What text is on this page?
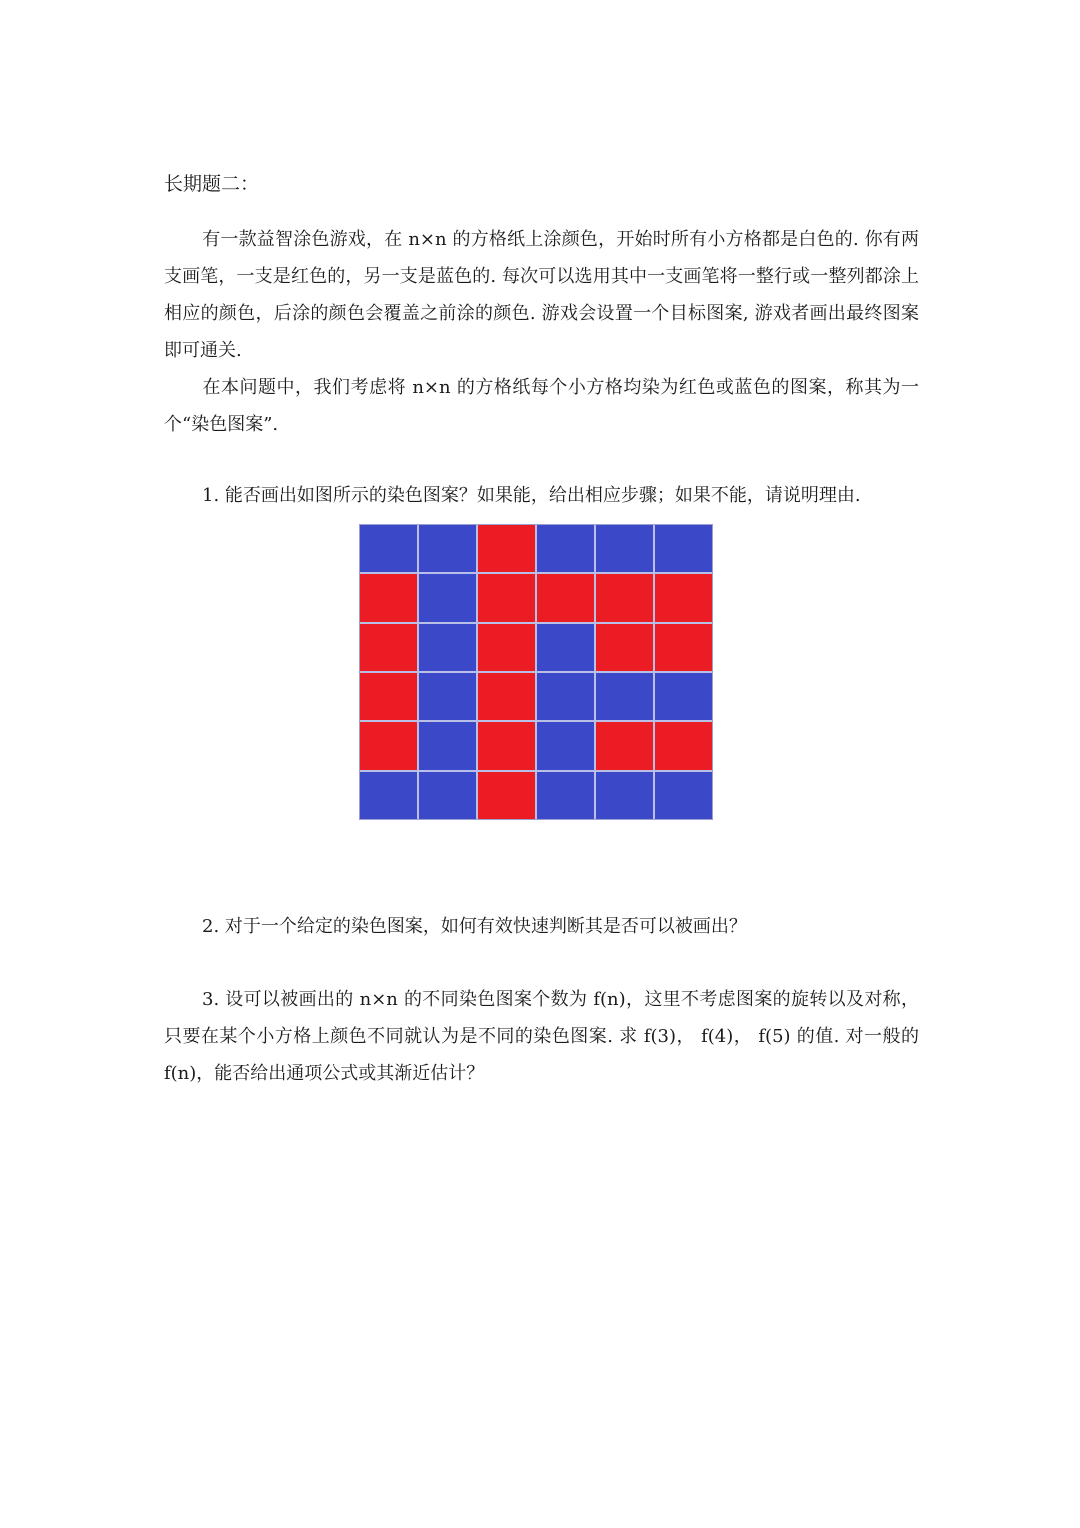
长期题二：
有一款益智涂色游戏，在 n×n 的方格纸上涂颜色，开始时所有小方格都是白色的. 你有两支画笔，一支是红色的，另一支是蓝色的. 每次可以选用其中一支画笔将一整行或一整列都涂上相应的颜色，后涂的颜色会覆盖之前涂的颜色. 游戏会设置一个目标图案, 游戏者画出最终图案即可通关.
在本问题中，我们考虑将 n×n 的方格纸每个小方格均染为红色或蓝色的图案，称其为一个“染色图案”.
1. 能否画出如图所示的染色图案？如果能，给出相应步骤；如果不能，请说明理由.
2. 对于一个给定的染色图案，如何有效快速判断其是否可以被画出？
3. 设可以被画出的 n×n 的不同染色图案个数为 f(n)，这里不考虑图案的旋转以及对称，只要在某个小方格上颜色不同就认为是不同的染色图案. 求 f(3)， f(4)， f(5) 的值. 对一般的 f(n)，能否给出通项公式或其渐近估计？
